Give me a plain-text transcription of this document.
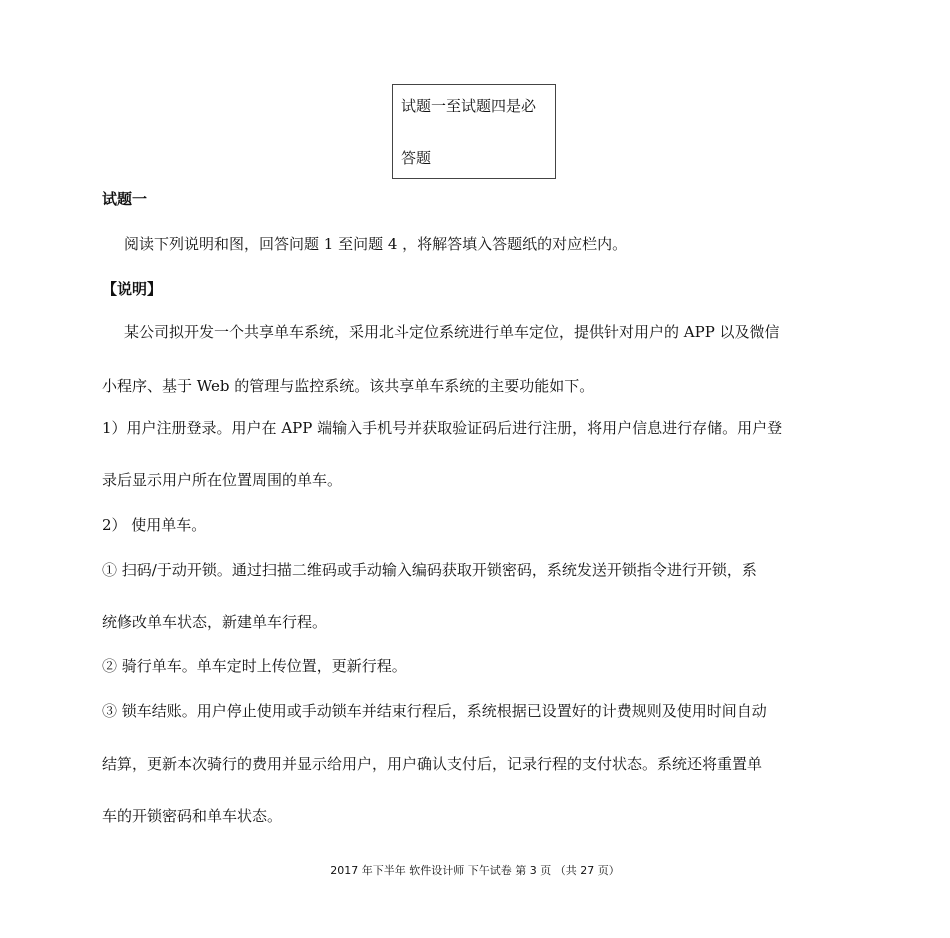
试题一至试题四是必
答题
试题一
阅读下列说明和图，回答问题 1 至问题 4 ，将解答填入答题纸的对应栏内。
【说明】
某公司拟开发一个共享单车系统，采用北斗定位系统进行单车定位，提供针对用户的 APP 以及微信
小程序、基于 Web 的管理与监控系统。该共享单车系统的主要功能如下。
1）用户注册登录。用户在 APP 端输入手机号并获取验证码后进行注册，将用户信息进行存储。用户登
录后显示用户所在位置周围的单车。
2） 使用单车。
① 扫码/于动开锁。通过扫描二维码或手动输入编码获取开锁密码，系统发送开锁指令进行开锁，系
统修改单车状态，新建单车行程。
② 骑行单车。单车定时上传位置，更新行程。
③ 锁车结账。用户停止使用或手动锁车并结束行程后，系统根据已设置好的计费规则及使用时间自动
结算，更新本次骑行的费用并显示给用户，用户确认支付后，记录行程的支付状态。系统还将重置单
车的开锁密码和单车状态。
2017 年下半年 软件设计师 下午试卷 第 3 页 （共 27 页）
